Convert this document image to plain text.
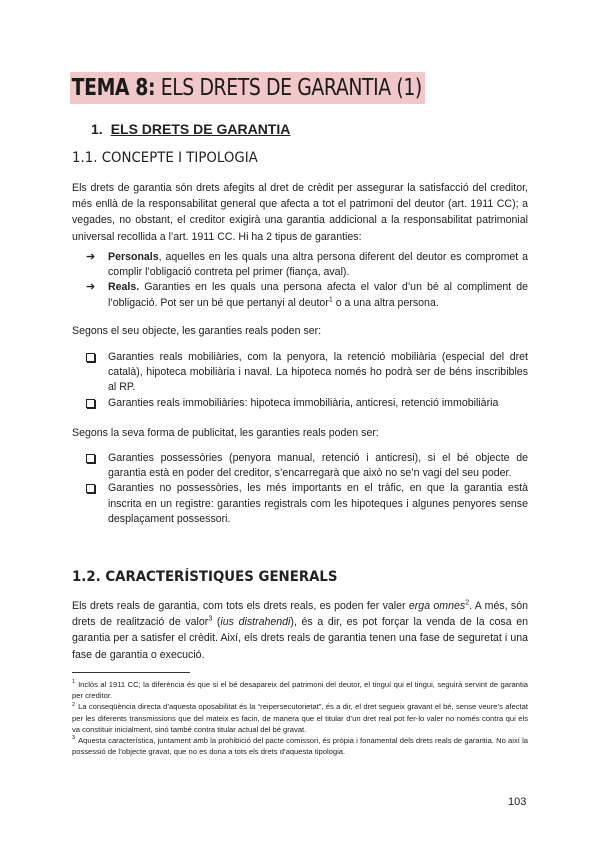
TEMA 8: ELS DRETS DE GARANTIA (1)
1. ELS DRETS DE GARANTIA
1.1. CONCEPTE I TIPOLOGIA
Els drets de garantia són drets afegits al dret de crèdit per assegurar la satisfacció del creditor, més enllà de la responsabilitat general que afecta a tot el patrimoni del deutor (art. 1911 CC); a vegades, no obstant, el creditor exigirà una garantia addicional a la responsabilitat patrimonial universal recollida a l’art. 1911 CC. Hi ha 2 tipus de garanties:
➔ Personals, aquelles en les quals una altra persona diferent del deutor es compromet a complir l’obligació contreta pel primer (fiança, aval).
➔ Reals. Garanties en les quals una persona afecta el valor d’un bé al compliment de l’obligació. Pot ser un bé que pertanyi al deutor$^1$ o a una altra persona.
Segons el seu objecte, les garanties reals poden ser:
Garanties reals mobiliàries, com la penyora, la retenció mobiliària (especial del dret català), hipoteca mobiliària i naval. La hipoteca només ho podrà ser de béns inscribibles al RP.
Garanties reals immobiliàries: hipoteca immobiliària, anticresi, retenció immobiliària
Segons la seva forma de publicitat, les garanties reals poden ser:
Garanties possessòries (penyora manual, retenció i anticresi), si el bé objecte de garantia està en poder del creditor, s’encarregarà que això no se’n vagi del seu poder.
Garanties no possessòries, les més importants en el tràfic, en que la garantia està inscrita en un registre: garanties registrals com les hipoteques i algunes penyores sense desplaçament possessori.
1.2. CARACTERÍSTIQUES GENERALS
Els drets reals de garantia, com tots els drets reals, es poden fer valer erga omnes$^2$. A més, són drets de realització de valor$^3$ (ius distrahendi), és a dir, es pot forçar la venda de la cosa en garantia per a satisfer el crèdit. Així, els drets reals de garantia tenen una fase de seguretat i una fase de garantia o execució.

$^1$ Inclòs al 1911 CC; la diferència és que si el bé desapareix del patrimoni del deutor, el tinguí qui el tingui, seguirà servint de garantia per creditor.

$^2$ La conseqüència directa d’aquesta oposabilitat és la “reipersecutorietat”, és a dir, el dret segueix gravant el bé, sense veure’s afectat per les diferents transmissions que del mateix es facin, de manera que el titular d’un dret real pot fer-lo valer no només contra qui els va constituir inicialment, sinó també contra titular actual del bé gravat.

$^3$ Aquesta característica, juntament amb la prohibició del pacte comissori, és pròpia i fonamental dels drets reals de garantia. No així la possessió de l’objecte gravat, que no es dona a tots els drets d’aquesta tipologia.

103
